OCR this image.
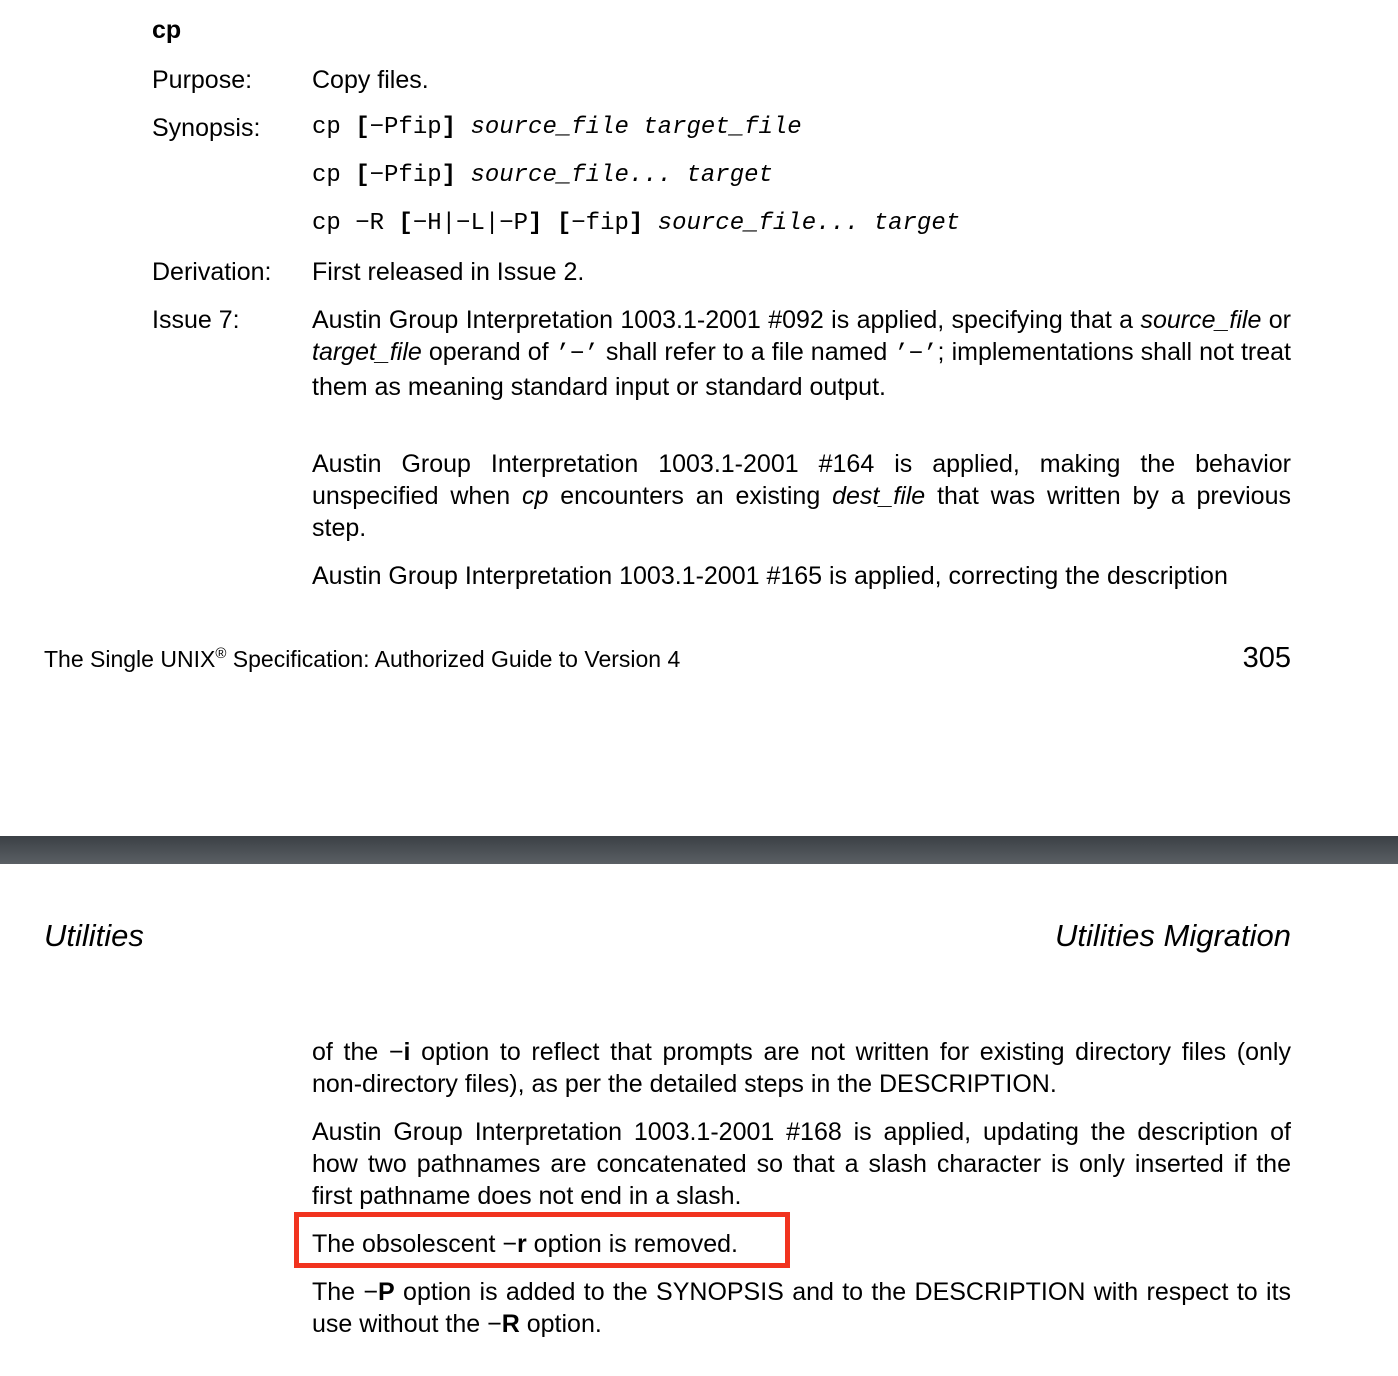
cp
Purpose: Copy files.
Synopsis: cp [−Pfip] source_file target_file
cp [−Pfip] source_file... target
cp −R [−H|−L|−P] [−fip] source_file... target
Derivation: First released in Issue 2.
Issue 7:	Austin Group Interpretation 1003.1-2001 #092 is applied, specifying that a source_file or target_file operand of ’−’ shall refer to a file named ’−’; implementations shall not treat them as meaning standard input or standard output.
Austin Group Interpretation 1003.1-2001 #164 is applied, making the behavior unspecified when cp encounters an existing dest_file that was written by a previous step.
Austin Group Interpretation 1003.1-2001 #165 is applied, correcting the description
The Single UNIX® Specification: Authorized Guide to Version 4	305
Utilities	Utilities Migration
of the −i option to reflect that prompts are not written for existing directory files (only non-directory files), as per the detailed steps in the DESCRIPTION.
Austin Group Interpretation 1003.1-2001 #168 is applied, updating the description of how two pathnames are concatenated so that a slash character is only inserted if the first pathname does not end in a slash.
The obsolescent −r option is removed.
The −P option is added to the SYNOPSIS and to the DESCRIPTION with respect to its use without the −R option.
